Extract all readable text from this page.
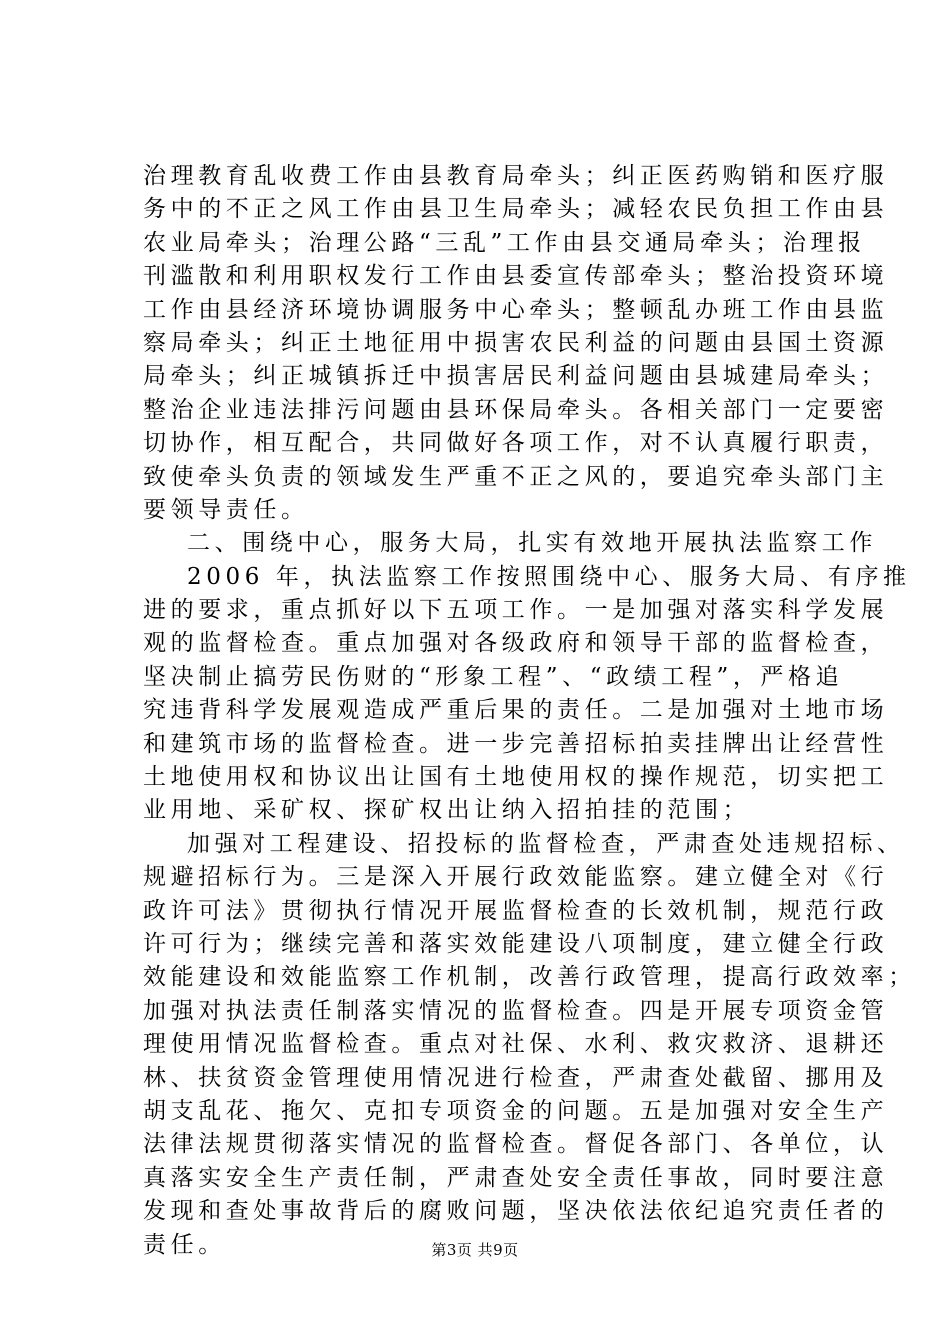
治理教育乱收费工作由县教育局牵头；纠正医药购销和医疗服
务中的不正之风工作由县卫生局牵头；减轻农民负担工作由县
农业局牵头；治理公路“三乱”工作由县交通局牵头；治理报
刊滥散和利用职权发行工作由县委宣传部牵头；整治投资环境
工作由县经济环境协调服务中心牵头；整顿乱办班工作由县监
察局牵头；纠正土地征用中损害农民利益的问题由县国土资源
局牵头；纠正城镇拆迁中损害居民利益问题由县城建局牵头；
整治企业违法排污问题由县环保局牵头。各相关部门一定要密
切协作，相互配合，共同做好各项工作，对不认真履行职责，
致使牵头负责的领域发生严重不正之风的，要追究牵头部门主
要领导责任。
二、围绕中心，服务大局，扎实有效地开展执法监察工作
2006 年，执法监察工作按照围绕中心、服务大局、有序推
进的要求，重点抓好以下五项工作。一是加强对落实科学发展
观的监督检查。重点加强对各级政府和领导干部的监督检查，
坚决制止搞劳民伤财的“形象工程”、“政绩工程”，严格追
究违背科学发展观造成严重后果的责任。二是加强对土地市场
和建筑市场的监督检查。进一步完善招标拍卖挂牌出让经营性
土地使用权和协议出让国有土地使用权的操作规范，切实把工
业用地、采矿权、探矿权出让纳入招拍挂的范围；
加强对工程建设、招投标的监督检查，严肃查处违规招标、
规避招标行为。三是深入开展行政效能监察。建立健全对《行
政许可法》贯彻执行情况开展监督检查的长效机制，规范行政
许可行为；继续完善和落实效能建设八项制度，建立健全行政
效能建设和效能监察工作机制，改善行政管理，提高行政效率；
加强对执法责任制落实情况的监督检查。四是开展专项资金管
理使用情况监督检查。重点对社保、水利、救灾救济、退耕还
林、扶贫资金管理使用情况进行检查，严肃查处截留、挪用及
胡支乱花、拖欠、克扣专项资金的问题。五是加强对安全生产
法律法规贯彻落实情况的监督检查。督促各部门、各单位，认
真落实安全生产责任制，严肃查处安全责任事故，同时要注意
发现和查处事故背后的腐败问题，坚决依法依纪追究责任者的
责任。	第3页 共9页
